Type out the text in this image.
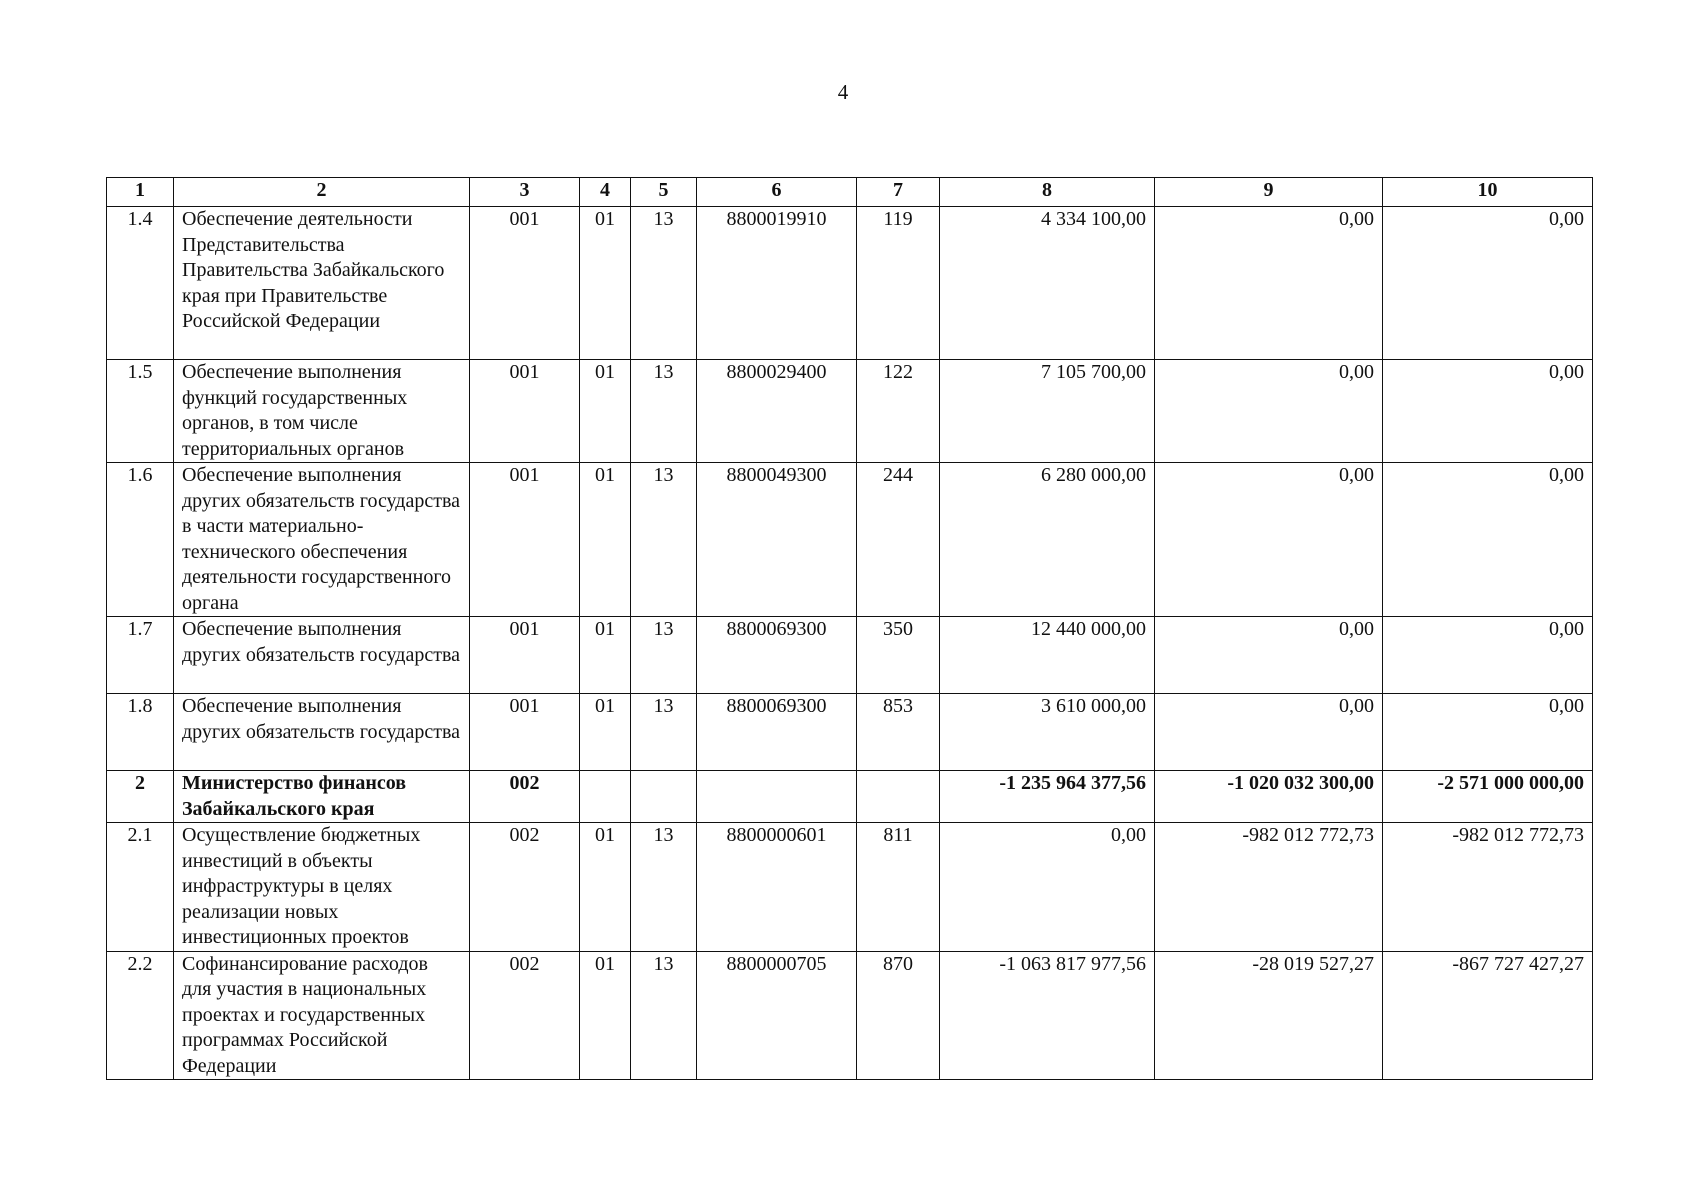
4
1	2	3	4	5	6	7	8	9	10
1.4	Обеспечение деятельности Представительства Правительства Забайкальского края при Правительстве Российской Федерации	001	01	13	8800019910	119	4 334 100,00	0,00	0,00
1.5	Обеспечение выполнения функций государственных органов, в том числе территориальных органов	001	01	13	8800029400	122	7 105 700,00	0,00	0,00
1.6	Обеспечение выполнения других обязательств государства в части материально-технического обеспечения деятельности государственного органа	001	01	13	8800049300	244	6 280 000,00	0,00	0,00
1.7	Обеспечение выполнения других обязательств государства	001	01	13	8800069300	350	12 440 000,00	0,00	0,00
1.8	Обеспечение выполнения других обязательств государства	001	01	13	8800069300	853	3 610 000,00	0,00	0,00
2	Министерство финансов Забайкальского края	002					-1 235 964 377,56	-1 020 032 300,00	-2 571 000 000,00
2.1	Осуществление бюджетных инвестиций в объекты инфраструктуры в целях реализации новых инвестиционных проектов	002	01	13	8800000601	811	0,00	-982 012 772,73	-982 012 772,73
2.2	Софинансирование расходов для участия в национальных проектах и государственных программах Российской Федерации	002	01	13	8800000705	870	-1 063 817 977,56	-28 019 527,27	-867 727 427,27
